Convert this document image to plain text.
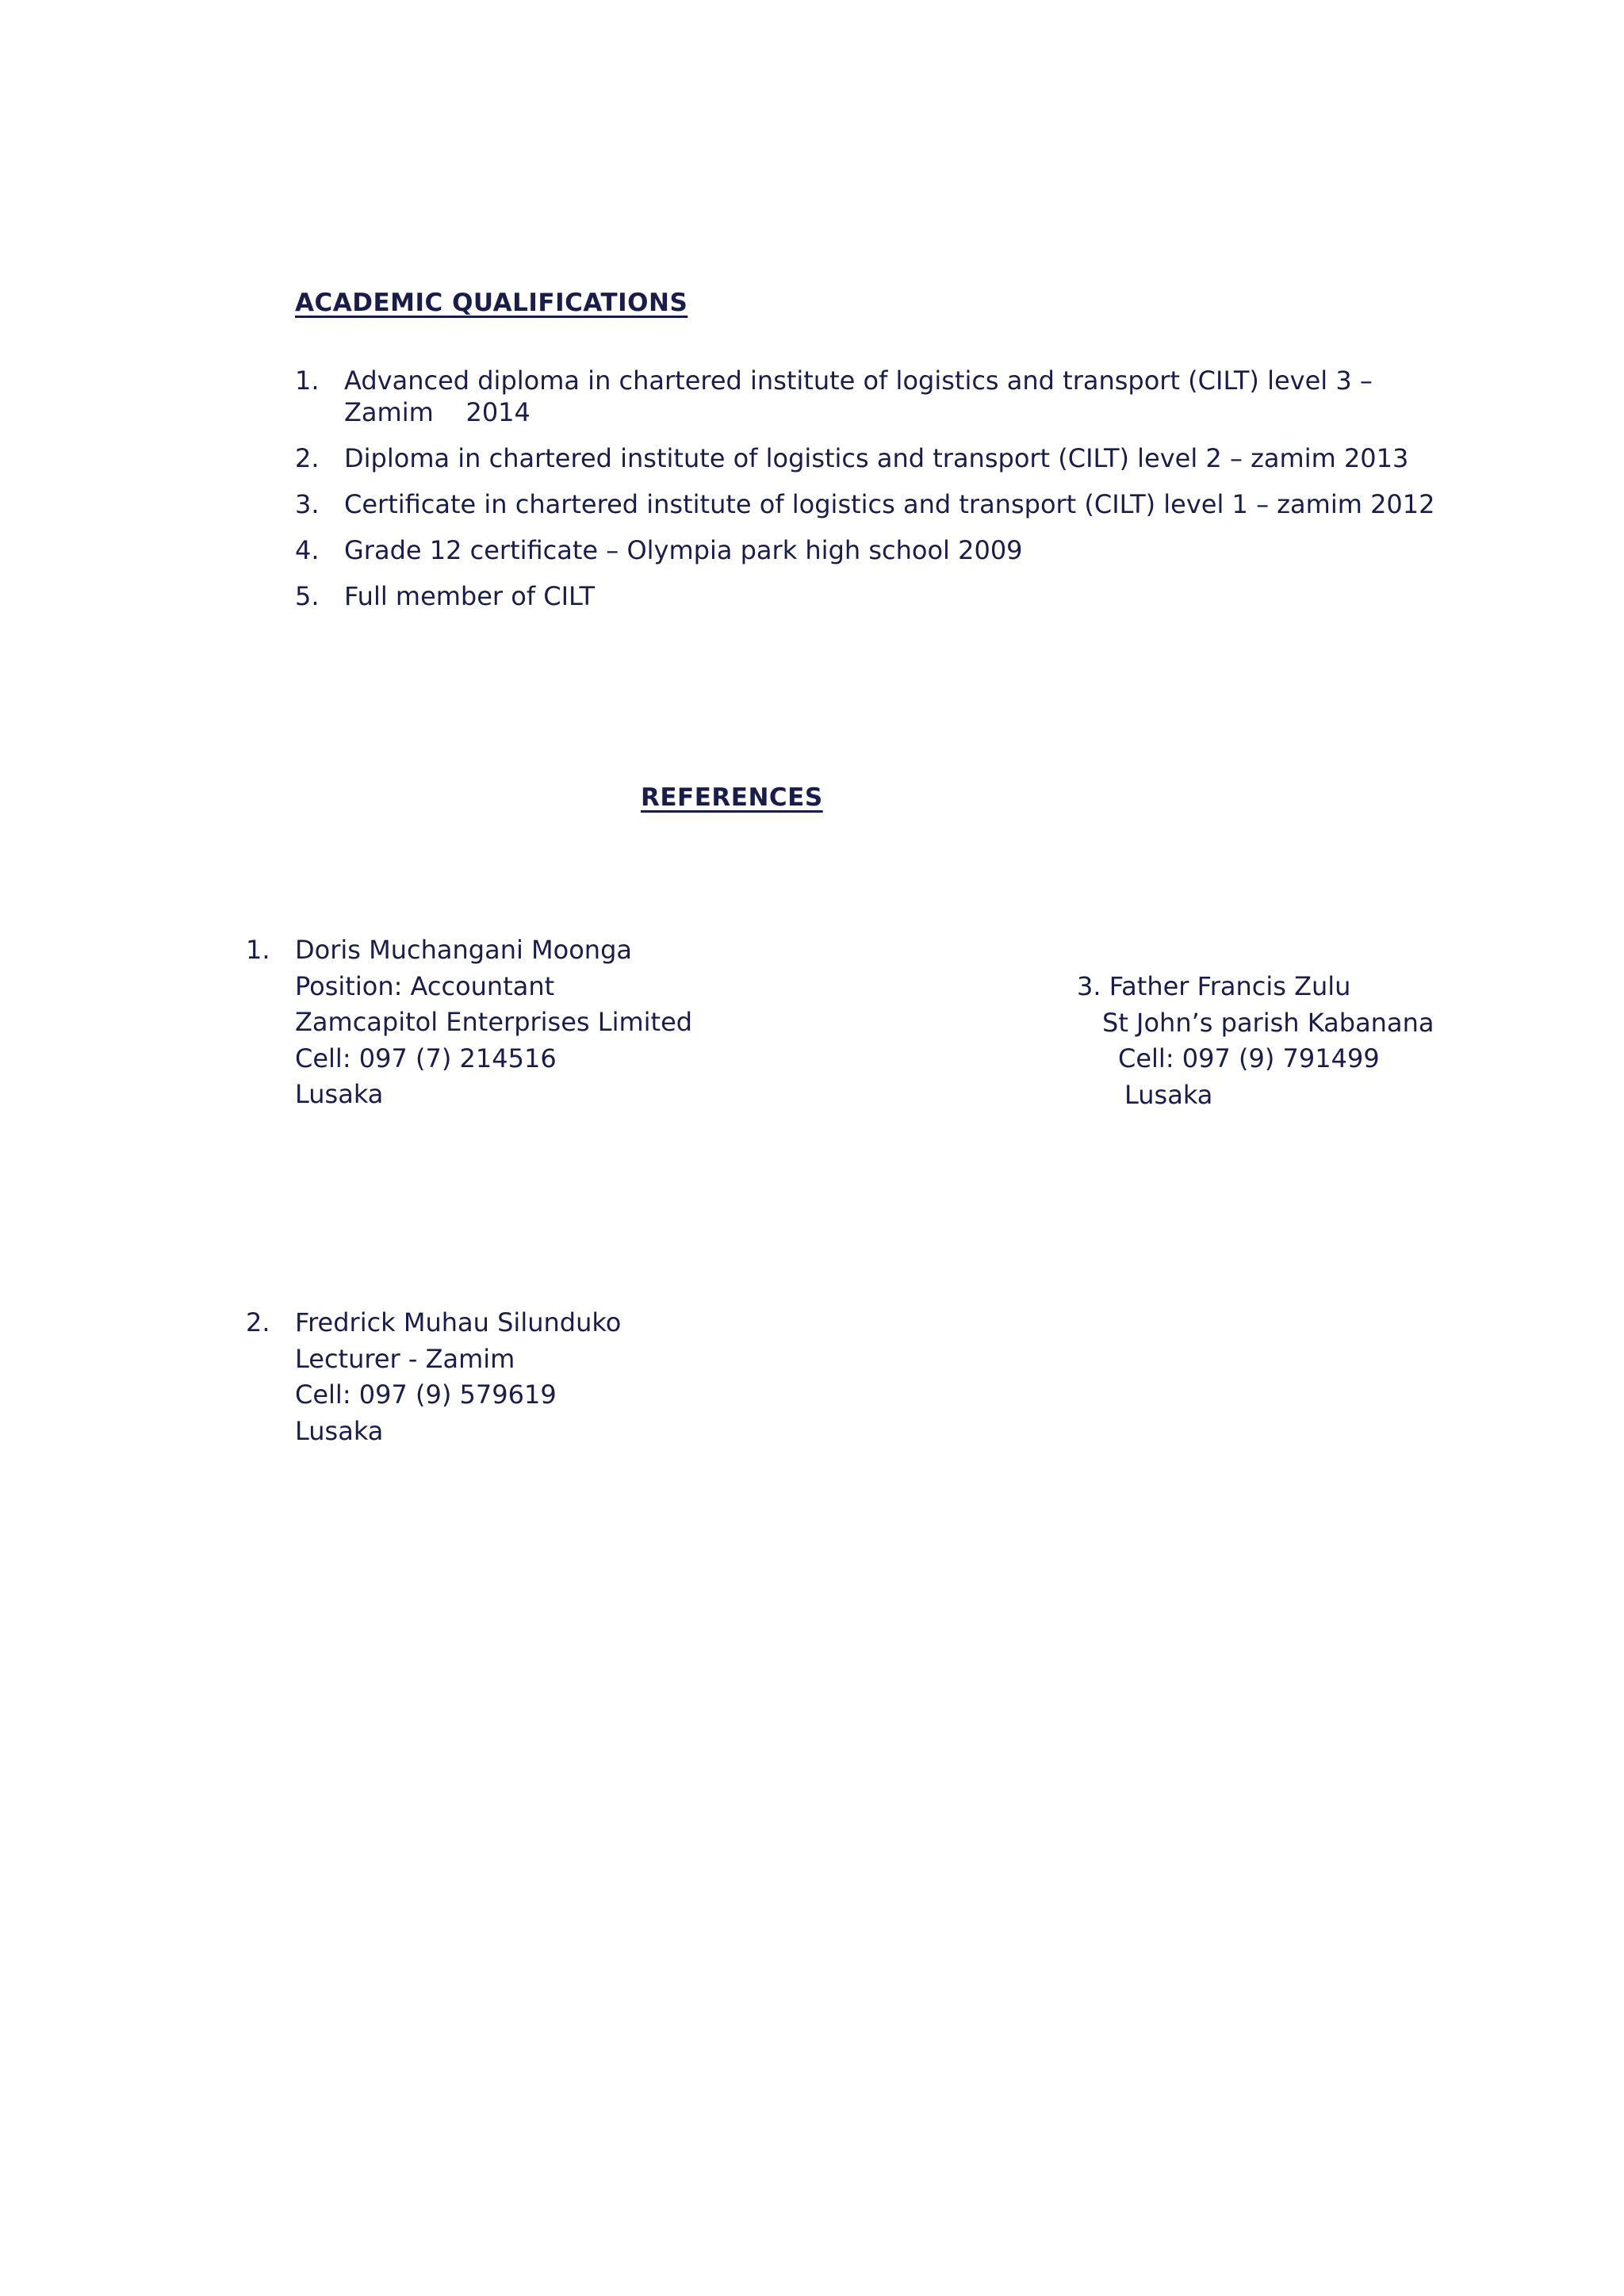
ACADEMIC QUALIFICATIONS
1. Advanced diploma in chartered institute of logistics and transport (CILT) level 3 –
Zamim    2014
2. Diploma in chartered institute of logistics and transport (CILT) level 2 – zamim 2013
3. Certificate in chartered institute of logistics and transport (CILT) level 1 – zamim 2012
4. Grade 12 certificate – Olympia park high school 2009
5. Full member of CILT
REFERENCES
1. Doris Muchangani Moonga
Position: Accountant
Zamcapitol Enterprises Limited
Cell: 097 (7) 214516
Lusaka
3. Father Francis Zulu
St John’s parish Kabanana
Cell: 097 (9) 791499
Lusaka
2. Fredrick Muhau Silunduko
Lecturer - Zamim
Cell: 097 (9) 579619
Lusaka
